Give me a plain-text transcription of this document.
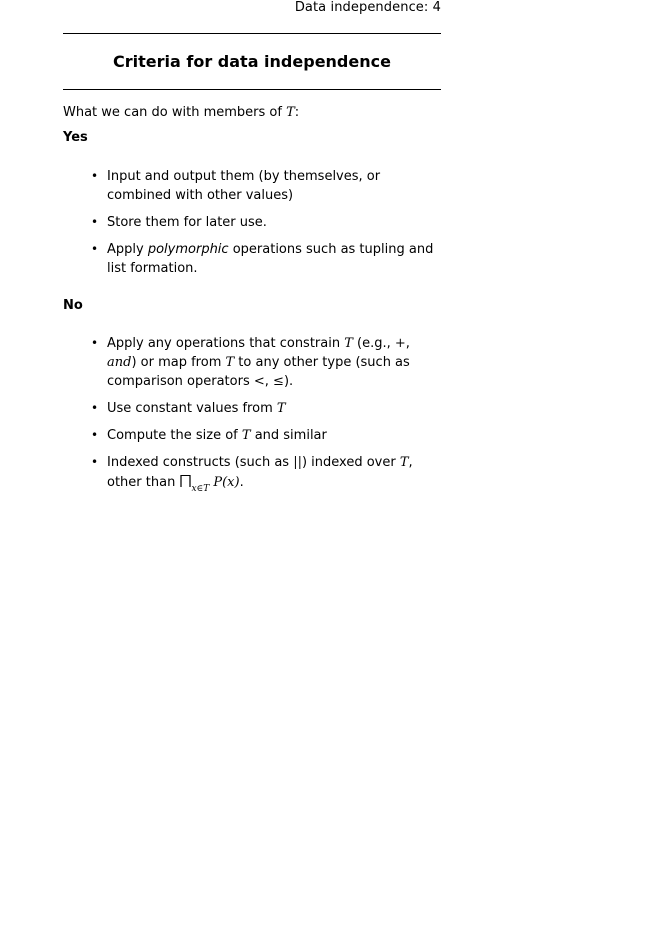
Data independence: 4
Criteria for data independence
What we can do with members of T:
Yes
• Input and output them (by themselves, or combined with other values)
• Store them for later use.
• Apply polymorphic operations such as tupling and list formation.
No
• Apply any operations that constrain T (e.g., +, and) or map from T to any other type (such as comparison operators <, ≤).
• Use constant values from T
• Compute the size of T and similar
• Indexed constructs (such as ||) indexed over T, other than $⨅_{x\in T}$ P(x).
